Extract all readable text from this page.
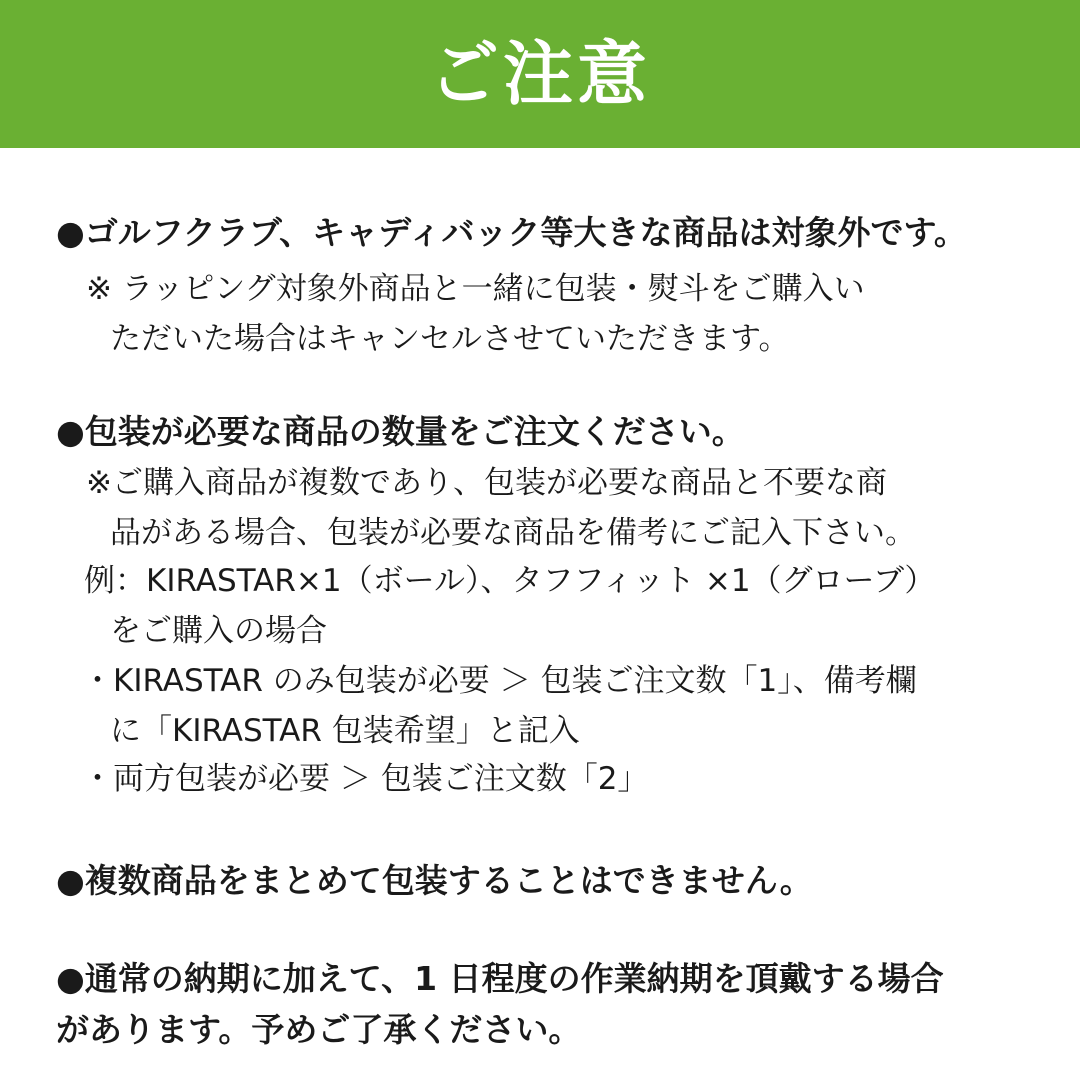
ご注意
●ゴルフクラブ、キャディバック等大きな商品は対象外です。
※ ラッピング対象外商品と一緒に包装・熨斗をご購入い
ただいた場合はキャンセルさせていただきます。
●包装が必要な商品の数量をご注文ください。
※ご購入商品が複数であり、包装が必要な商品と不要な商
品がある場合、包装が必要な商品を備考にご記入下さい。
例：KIRASTAR×1（ボール）、タフフィット ×1（グローブ）
をご購入の場合
・KIRASTAR のみ包装が必要 ＞ 包装ご注文数「1」、備考欄
に「KIRASTAR 包装希望」と記入
・両方包装が必要 ＞ 包装ご注文数「2」
●複数商品をまとめて包装することはできません。
●通常の納期に加えて、1 日程度の作業納期を頂戴する場合
があります。予めご了承ください。
